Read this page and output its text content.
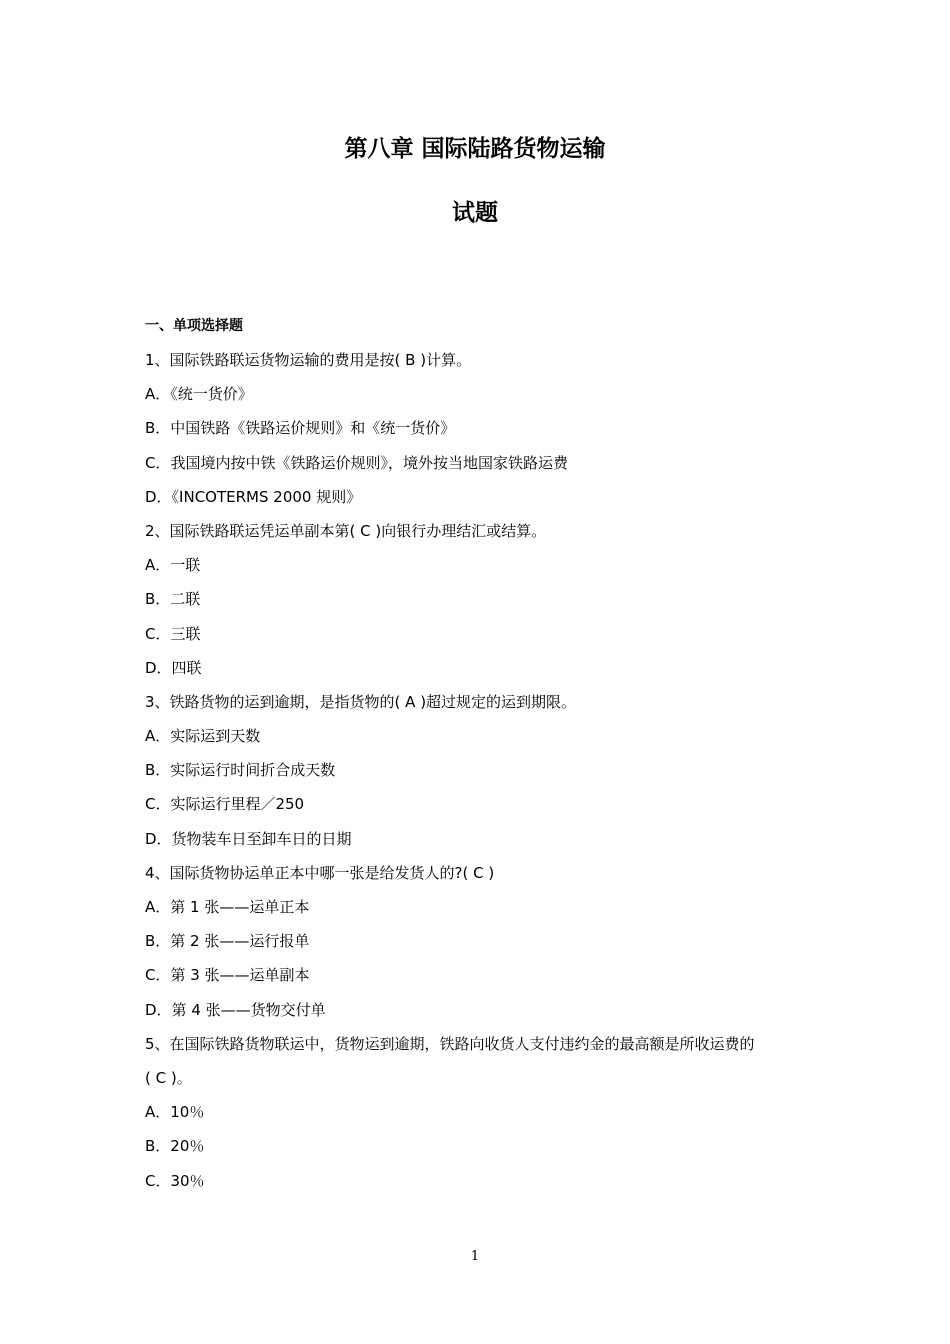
第八章 国际陆路货物运输
试题
一、单项选择题
1、国际铁路联运货物运输的费用是按( B )计算。
A．《统一货价》
B．中国铁路《铁路运价规则》和《统一货价》
C．我国境内按中铁《铁路运价规则》，境外按当地国家铁路运费
D．《INCOTERMS 2000 规则》
2、国际铁路联运凭运单副本第( C )向银行办理结汇或结算。
A．一联
B．二联
C．三联
D．四联
3、铁路货物的运到逾期，是指货物的( A )超过规定的运到期限。
A．实际运到天数
B．实际运行时间折合成天数
C．实际运行里程／250
D．货物装车日至卸车日的日期
4、国际货物协运单正本中哪一张是给发货人的?( C )
A．第 1 张——运单正本
B．第 2 张——运行报单
C．第 3 张——运单副本
D．第 4 张——货物交付单
5、在国际铁路货物联运中，货物运到逾期，铁路向收货人支付违约金的最高额是所收运费的
( C )。
A．10％
B．20％
C．30％
1
